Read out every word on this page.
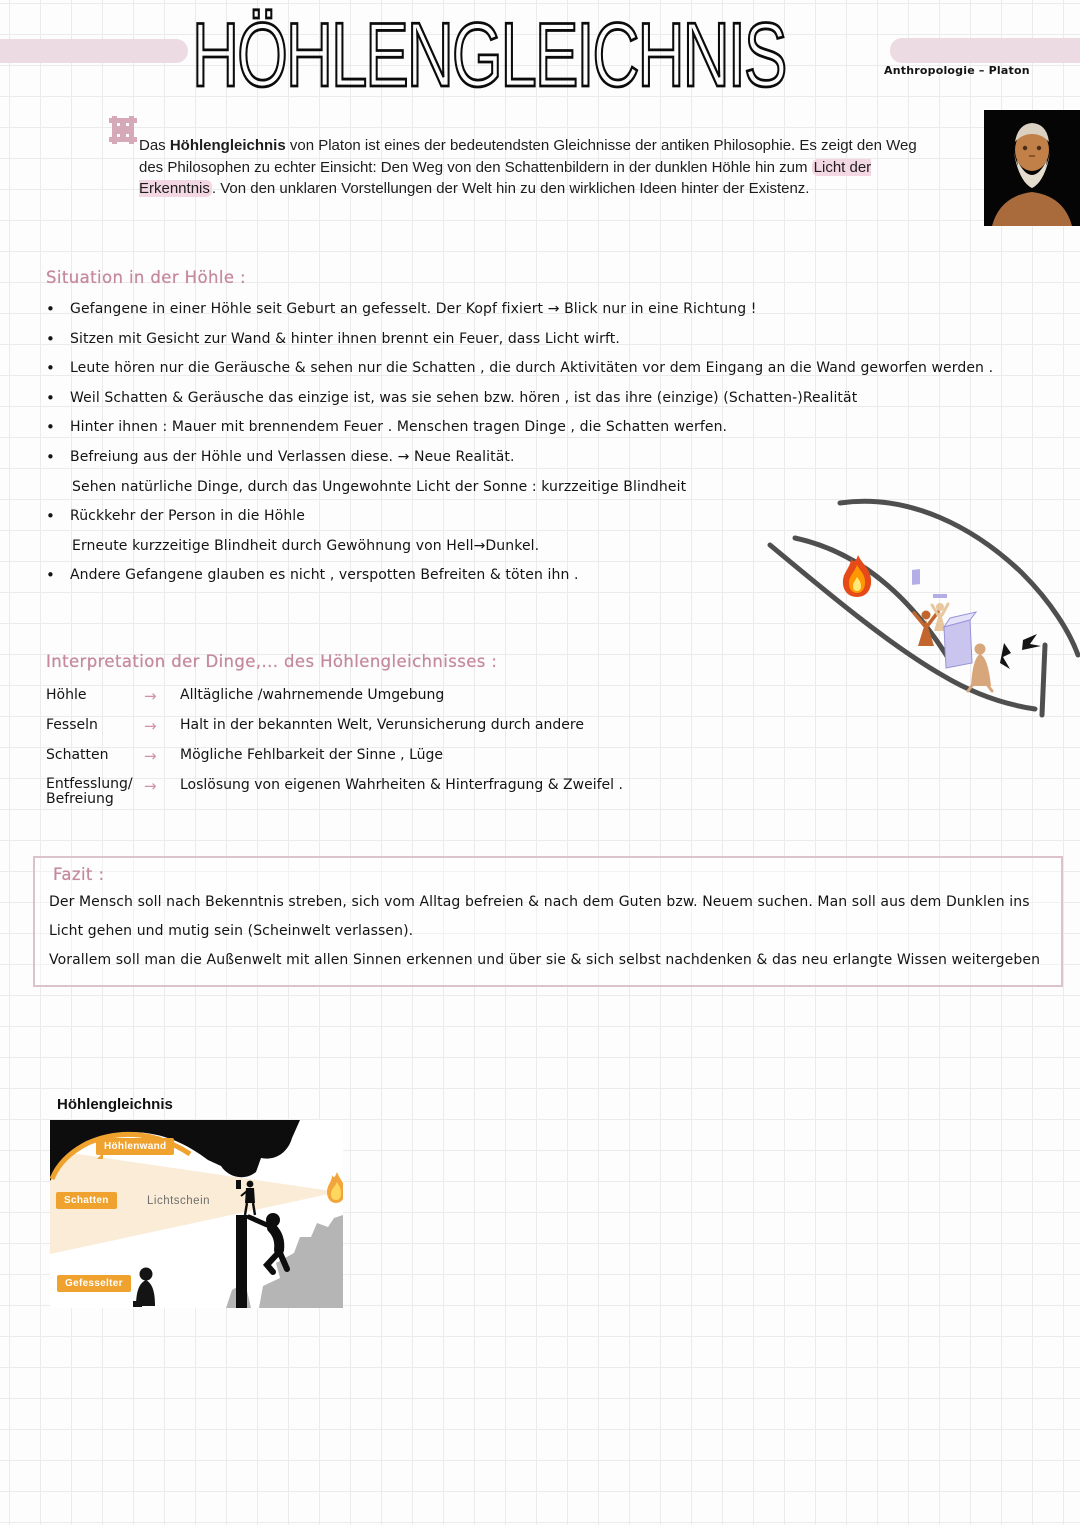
HÖHLENGLEICHNIS	Anthropologie – Platon
Das Höhlengleichnis von Platon ist eines der bedeutendsten Gleichnisse der antiken Philosophie. Es zeigt den Weg des Philosophen zu echter Einsicht: Den Weg von den Schattenbildern in der dunklen Höhle hin zum Licht der Erkenntnis . Von den unklaren Vorstellungen der Welt hin zu den wirklichen Ideen hinter der Existenz.
Situation in der Höhle :
•
Gefangene in einer Höhle seit Geburt an gefesselt. Der Kopf fixiert → Blick nur in eine Richtung !
•
Sitzen mit Gesicht zur Wand & hinter ihnen brennt ein Feuer, dass Licht wirft.
•
Leute hören nur die Geräusche & sehen nur die Schatten , die durch Aktivitäten vor dem Eingang an die Wand geworfen werden .
•
Weil Schatten & Geräusche das einzige ist, was sie sehen bzw. hören , ist das ihre (einzige) (Schatten-)Realität
•
Hinter ihnen : Mauer mit brennendem Feuer . Menschen tragen Dinge , die Schatten werfen.
•
Befreiung aus der Höhle und Verlassen diese. → Neue Realität.
Sehen natürliche Dinge, durch das Ungewohnte Licht der Sonne : kurzzeitige Blindheit
•
Rückkehr der Person in die Höhle
Erneute kurzzeitige Blindheit durch Gewöhnung von Hell→Dunkel.
•
Andere Gefangene glauben es nicht , verspotten Befreiten & töten ihn .
Interpretation der Dinge,... des Höhlengleichnisses :
Höhle	→	Alltägliche /wahrnemende Umgebung
Fesseln	→	Halt in der bekannten Welt, Verunsicherung durch andere
Schatten	→	Mögliche Fehlbarkeit der Sinne , Lüge
Entfesslung/
Befreiung
→	Loslösung von eigenen Wahrheiten & Hinterfragung & Zweifel .
Fazit :
Der Mensch soll nach Bekenntnis streben, sich vom Alltag befreien & nach dem Guten bzw. Neuem suchen. Man soll aus dem Dunklen ins
Licht gehen und mutig sein (Scheinwelt verlassen).
Vorallem soll man die Außenwelt mit allen Sinnen erkennen und über sie & sich selbst nachdenken & das neu erlangte Wissen weitergeben
Höhlengleichnis
Höhlenwand
Schatten	Lichtschein
Gefesselter
